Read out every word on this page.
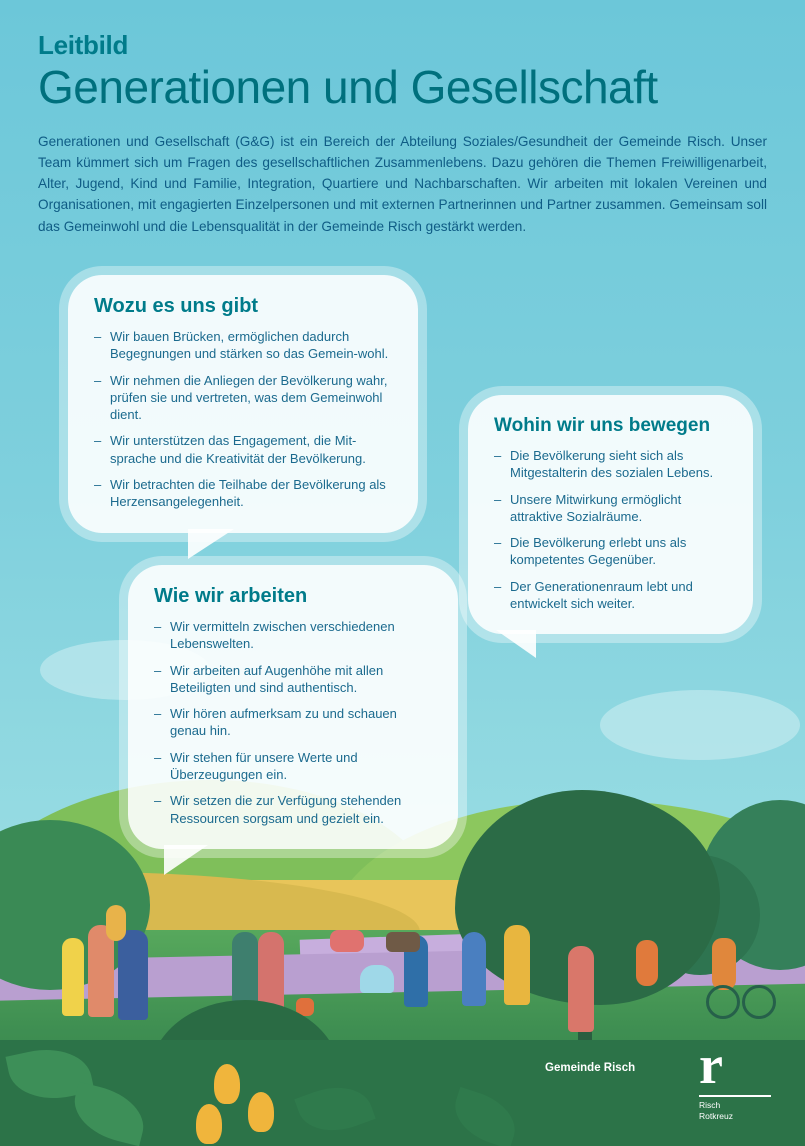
Leitbild
Generationen und Gesellschaft

Generationen und Gesellschaft (G&G) ist ein Bereich der Abteilung Soziales/Gesundheit der Gemeinde Risch. Unser Team kümmert sich um Fragen des gesellschaftlichen Zusammenlebens. Dazu gehören die Themen Freiwilligenarbeit, Alter, Jugend, Kind und Familie, Integration, Quartiere und Nachbarschaften. Wir arbeiten mit lokalen Vereinen und Organisationen, mit engagierten Einzelpersonen und mit externen Partnerinnen und Partner zusammen. Gemeinsam soll das Gemeinwohl und die Lebensqualität in der Gemeinde Risch gestärkt werden.

Wozu es uns gibt
– Wir bauen Brücken, ermöglichen dadurch Begegnungen und stärken so das Gemein-wohl.
– Wir nehmen die Anliegen der Bevölkerung wahr, prüfen sie und vertreten, was dem Gemeinwohl dient.
– Wir unterstützen das Engagement, die Mit-sprache und die Kreativität der Bevölkerung.
– Wir betrachten die Teilhabe der Bevölkerung als Herzensangelegenheit.
Wohin wir uns bewegen
– Die Bevölkerung sieht sich als Mitgestalterin des sozialen Lebens.
– Unsere Mitwirkung ermöglicht attraktive Sozialräume.
– Die Bevölkerung erlebt uns als kompetentes Gegenüber.
– Der Generationenraum lebt und entwickelt sich weiter.
Wie wir arbeiten
– Wir vermitteln zwischen verschiedenen Lebenswelten.
– Wir arbeiten auf Augenhöhe mit allen Beteiligten und sind authentisch.
– Wir hören aufmerksam zu und schauen genau hin.
– Wir stehen für unsere Werte und Überzeugungen ein.
– Wir setzen die zur Verfügung stehenden Ressourcen sorgsam und gezielt ein.
Gemeinde Risch r
Risch
Rotkreuz
